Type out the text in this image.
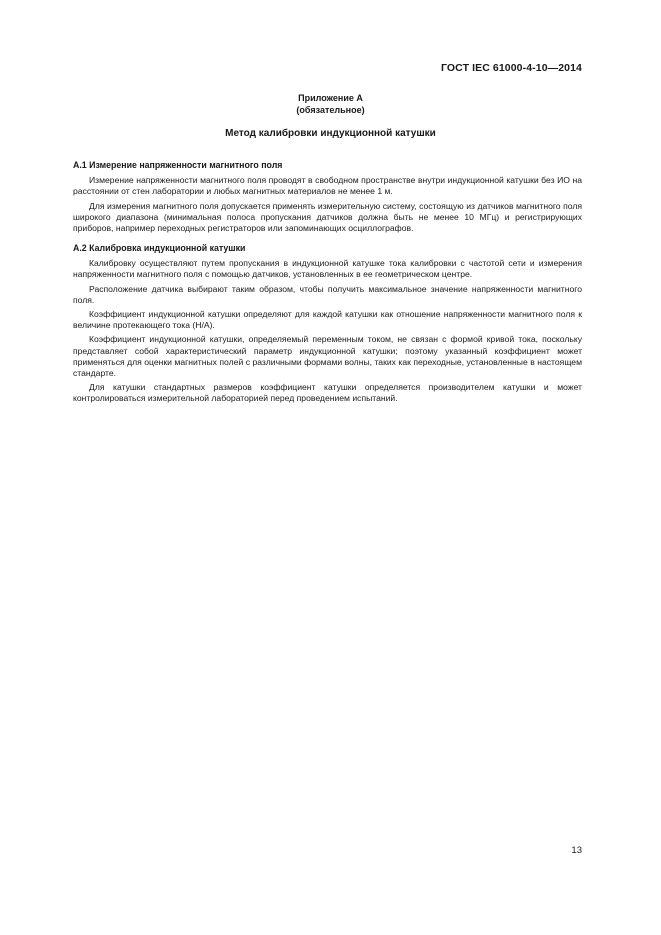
ГОСТ IEC 61000-4-10—2014
Приложение А
(обязательное)
Метод калибровки индукционной катушки

А.1 Измерение напряженности магнитного поля

Измерение напряженности магнитного поля проводят в свободном пространстве внутри индукционной катушки без ИО на расстоянии от стен лаборатории и любых магнитных материалов не менее 1 м.

Для измерения магнитного поля допускается применять измерительную систему, состоящую из датчиков магнитного поля широкого диапазона (минимальная полоса пропускания датчиков должна быть не менее 10 МГц) и регистрирующих приборов, например переходных регистраторов или запоминающих осциллографов.

А.2 Калибровка индукционной катушки

Калибровку осуществляют путем пропускания в индукционной катушке тока калибровки с частотой сети и измерения напряженности магнитного поля с помощью датчиков, установленных в ее геометрическом центре.

Расположение датчика выбирают таким образом, чтобы получить максимальное значение напряженности магнитного поля.

Коэффициент индукционной катушки определяют для каждой катушки как отношение напряженности магнитного поля к величине протекающего тока (H/A).

Коэффициент индукционной катушки, определяемый переменным током, не связан с формой кривой тока, поскольку представляет собой характеристический параметр индукционной катушки; поэтому указанный коэффициент может применяться для оценки магнитных полей с различными формами волны, таких как переходные, установленные в настоящем стандарте.

Для катушки стандартных размеров коэффициент катушки определяется производителем катушки и может контролироваться измерительной лабораторией перед проведением испытаний.

13
